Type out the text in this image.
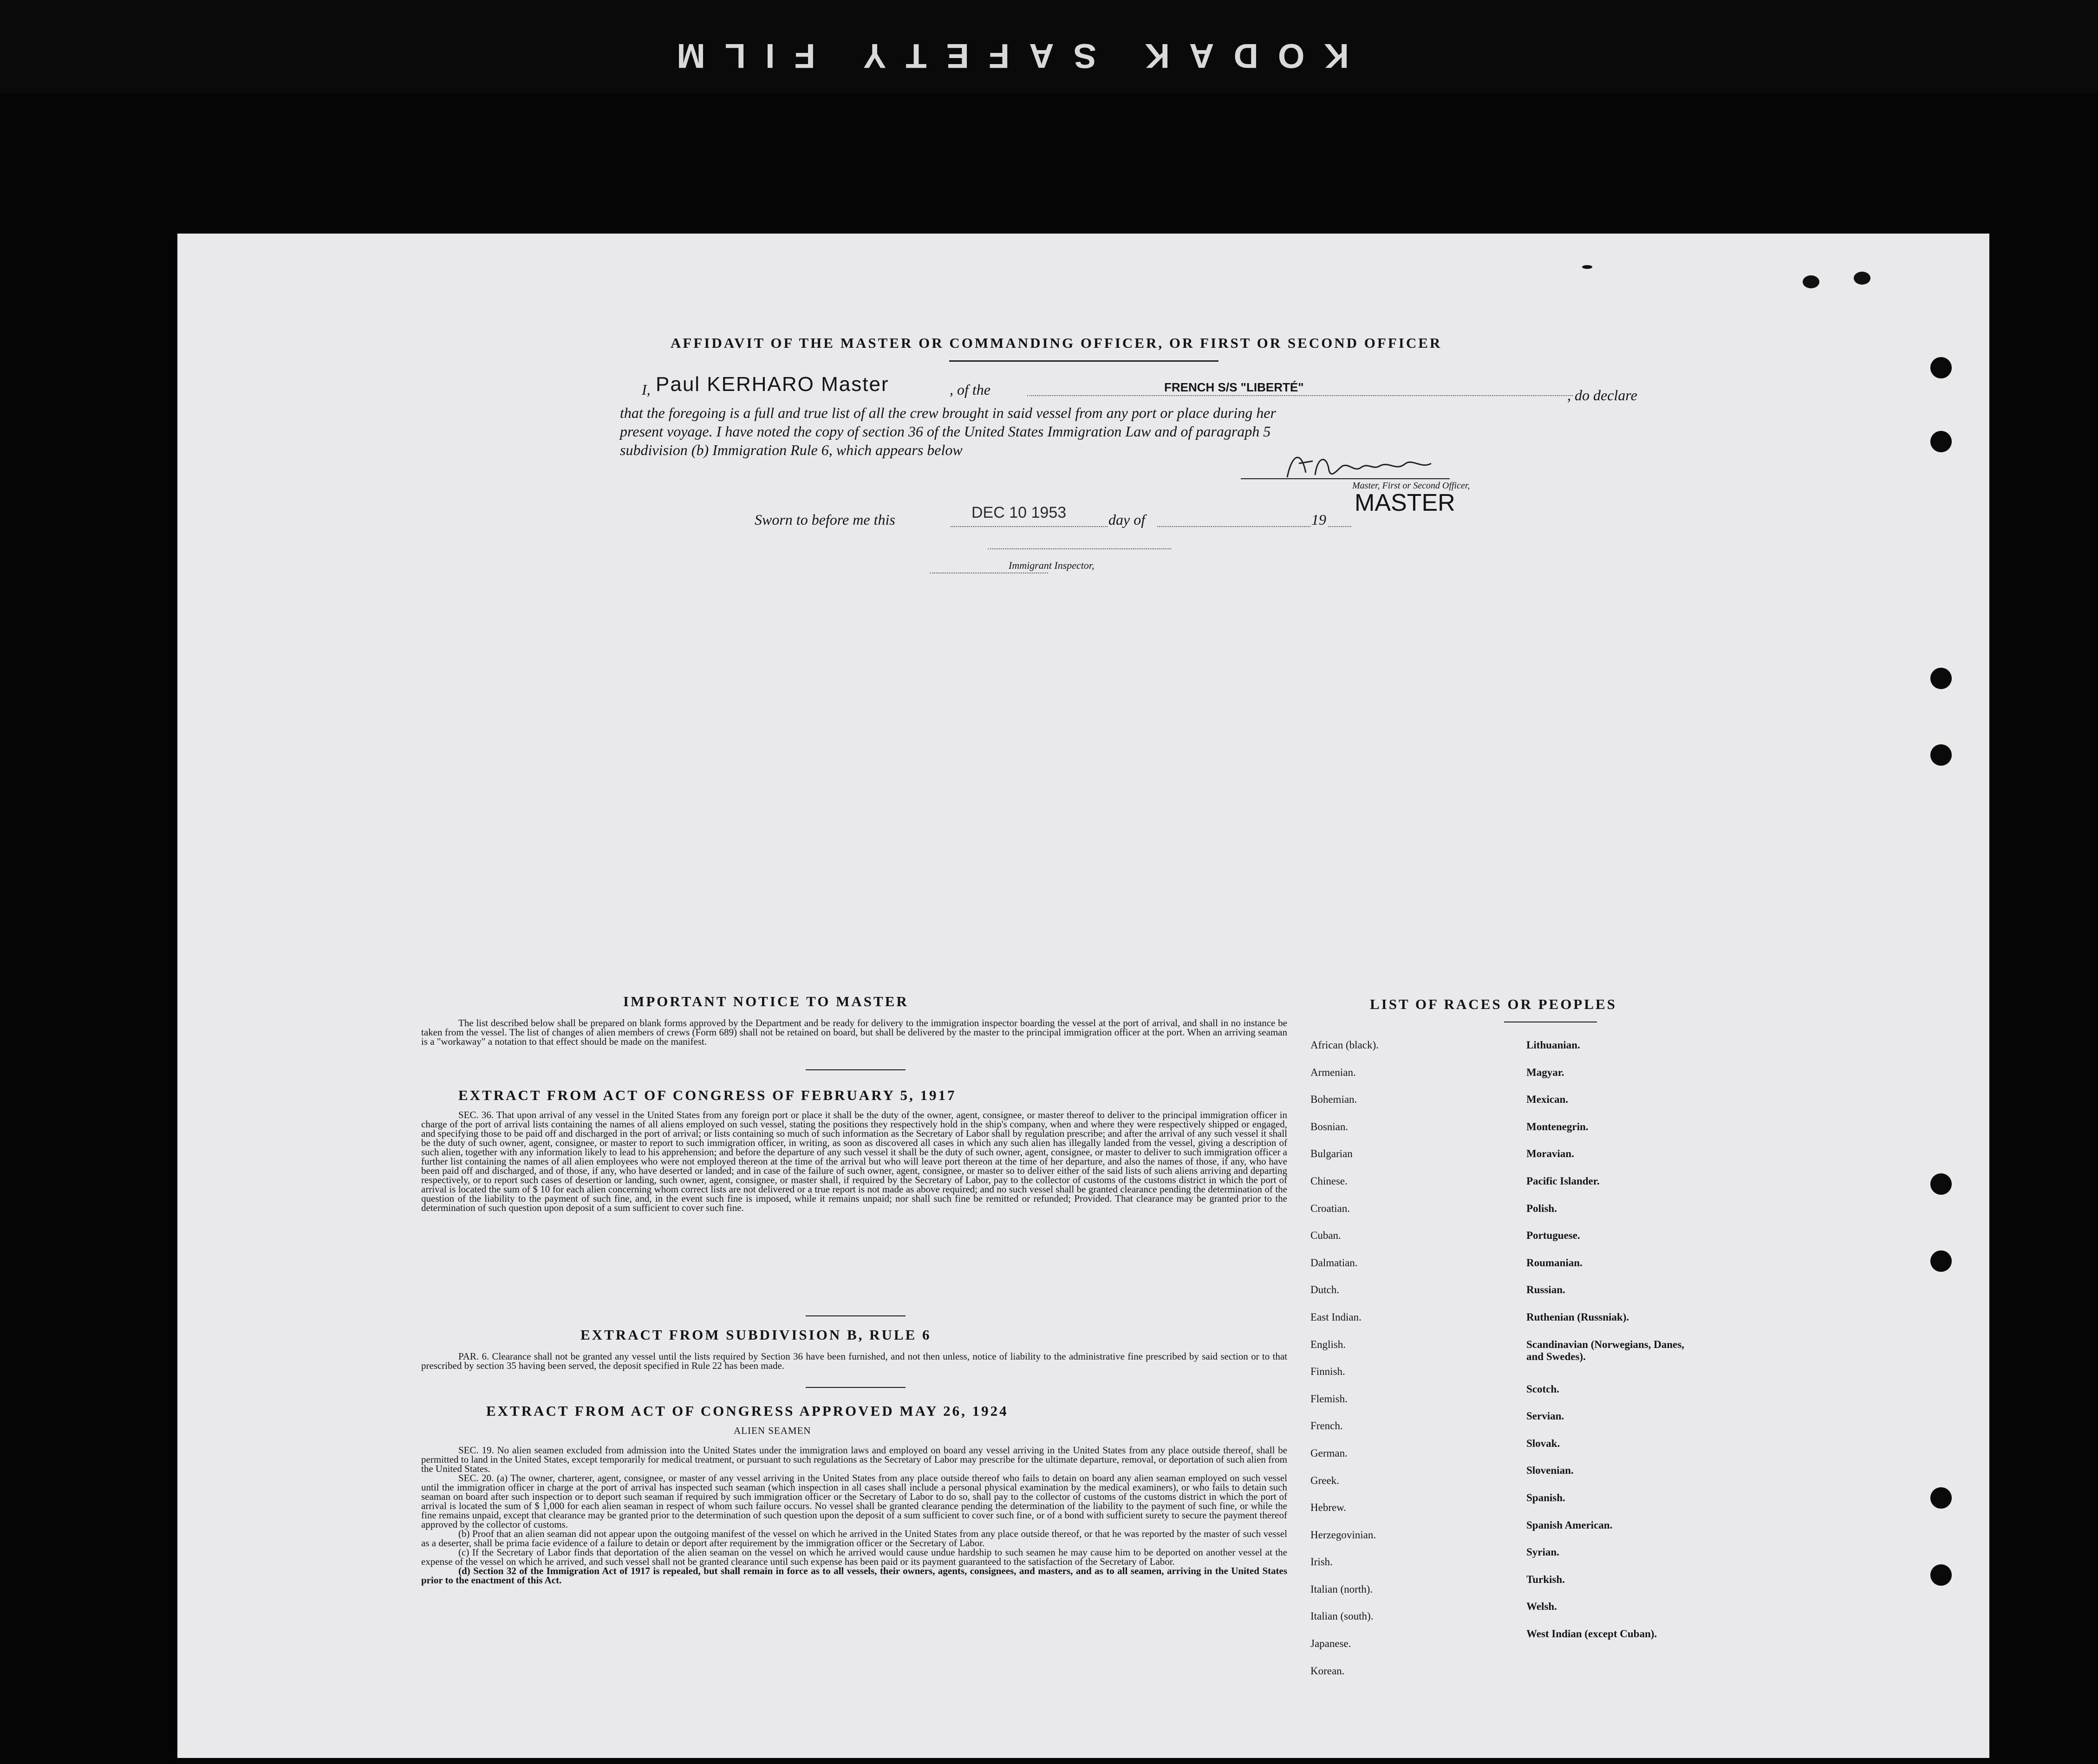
KODAK SAFETY FILM
AFFIDAVIT OF THE MASTER OR COMMANDING OFFICER, OR FIRST OR SECOND OFFICER
I, Paul KERHARO Master	, of the	FRENCH S/S "LIBERTÉ"	, do declare
that the foregoing is a full and true list of all the crew brought in said vessel from any port or place during her
present voyage. I have noted the copy of section 36 of the United States Immigration Law and of paragraph 5
subdivision (b) Immigration Rule 6, which appears below
Master, First or Second Officer,
MASTER
Sworn to before me this	DEC 10 1953	day of	19
Immigrant Inspector,
IMPORTANT NOTICE TO MASTER

The list described below shall be prepared on blank forms approved by the Department and be ready for delivery to the immigration inspector boarding the vessel at the port of arrival, and shall in no instance be taken from the vessel. The list of changes of alien members of crews (Form 689) shall not be retained on board, but shall be delivered by the master to the principal immigration officer at the port. When an arriving seaman is a "workaway" a notation to that effect should be made on the manifest.

EXTRACT FROM ACT OF CONGRESS OF FEBRUARY 5, 1917

SEC. 36. That upon arrival of any vessel in the United States from any foreign port or place it shall be the duty of the owner, agent, consignee, or master thereof to deliver to the principal immigration officer in charge of the port of arrival lists containing the names of all aliens employed on such vessel, stating the positions they respectively hold in the ship's company, when and where they were respectively shipped or engaged, and specifying those to be paid off and discharged in the port of arrival; or lists containing so much of such information as the Secretary of Labor shall by regulation prescribe; and after the arrival of any such vessel it shall be the duty of such owner, agent, consignee, or master to report to such immigration officer, in writing, as soon as discovered all cases in which any such alien has illegally landed from the vessel, giving a description of such alien, together with any information likely to lead to his apprehension; and before the departure of any such vessel it shall be the duty of such owner, agent, consignee, or master to deliver to such immigration officer a further list containing the names of all alien employees who were not employed thereon at the time of the arrival but who will leave port thereon at the time of her departure, and also the names of those, if any, who have been paid off and discharged, and of those, if any, who have deserted or landed; and in case of the failure of such owner, agent, consignee, or master so to deliver either of the said lists of such aliens arriving and departing respectively, or to report such cases of desertion or landing, such owner, agent, consignee, or master shall, if required by the Secretary of Labor, pay to the collector of customs of the customs district in which the port of arrival is located the sum of $ 10 for each alien concerning whom correct lists are not delivered or a true report is not made as above required; and no such vessel shall be granted clearance pending the determination of the question of the liability to the payment of such fine, and, in the event such fine is imposed, while it remains unpaid; nor shall such fine be remitted or refunded; Provided. That clearance may be granted prior to the determination of such question upon deposit of a sum sufficient to cover such fine.

EXTRACT FROM SUBDIVISION B, RULE 6

PAR. 6. Clearance shall not be granted any vessel until the lists required by Section 36 have been furnished, and not then unless, notice of liability to the administrative fine prescribed by said section or to that prescribed by section 35 having been served, the deposit specified in Rule 22 has been made.

EXTRACT FROM ACT OF CONGRESS APPROVED MAY 26, 1924
ALIEN SEAMEN

SEC. 19. No alien seamen excluded from admission into the United States under the immigration laws and employed on board any vessel arriving in the United States from any place outside thereof, shall be permitted to land in the United States, except temporarily for medical treatment, or pursuant to such regulations as the Secretary of Labor may prescribe for the ultimate departure, removal, or deportation of such alien from the United States.

SEC. 20. (a) The owner, charterer, agent, consignee, or master of any vessel arriving in the United States from any place outside thereof who fails to detain on board any alien seaman employed on such vessel until the immigration officer in charge at the port of arrival has inspected such seaman (which inspection in all cases shall include a personal physical examination by the medical examiners), or who fails to detain such seaman on board after such inspection or to deport such seaman if required by such immigration officer or the Secretary of Labor to do so, shall pay to the collector of customs of the customs district in which the port of arrival is located the sum of $ 1,000 for each alien seaman in respect of whom such failure occurs. No vessel shall be granted clearance pending the determination of the liability to the payment of such fine, or while the fine remains unpaid, except that clearance may be granted prior to the determination of such question upon the deposit of a sum sufficient to cover such fine, or of a bond with sufficient surety to secure the payment thereof approved by the collector of customs.

(b) Proof that an alien seaman did not appear upon the outgoing manifest of the vessel on which he arrived in the United States from any place outside thereof, or that he was reported by the master of such vessel as a deserter, shall be prima facie evidence of a failure to detain or deport after requirement by the immigration officer or the Secretary of Labor.

(c) If the Secretary of Labor finds that deportation of the alien seaman on the vessel on which he arrived would cause undue hardship to such seamen he may cause him to be deported on another vessel at the expense of the vessel on which he arrived, and such vessel shall not be granted clearance until such expense has been paid or its payment guaranteed to the satisfaction of the Secretary of Labor.

(d) Section 32 of the Immigration Act of 1917 is repealed, but shall remain in force as to all vessels, their owners, agents, consignees, and masters, and as to all seamen, arriving in the United States prior to the enactment of this Act.

LIST OF RACES OR PEOPLES
African (black).
Armenian.
Bohemian.
Bosnian.
Bulgarian
Chinese.
Croatian.
Cuban.
Dalmatian.
Dutch.
East Indian.
English.
Finnish.
Flemish.
French.
German.
Greek.
Hebrew.
Herzegovinian.
Irish.
Italian (north).
Italian (south).
Japanese.
Korean.
Lithuanian.
Magyar.
Mexican.
Montenegrin.
Moravian.
Pacific Islander.
Polish.
Portuguese.
Roumanian.
Russian.
Ruthenian (Russniak).
Scandinavian (Norwegians, Danes, and Swedes).
Scotch.
Servian.
Slovak.
Slovenian.
Spanish.
Spanish American.
Syrian.
Turkish.
Welsh.
West Indian (except Cuban).
